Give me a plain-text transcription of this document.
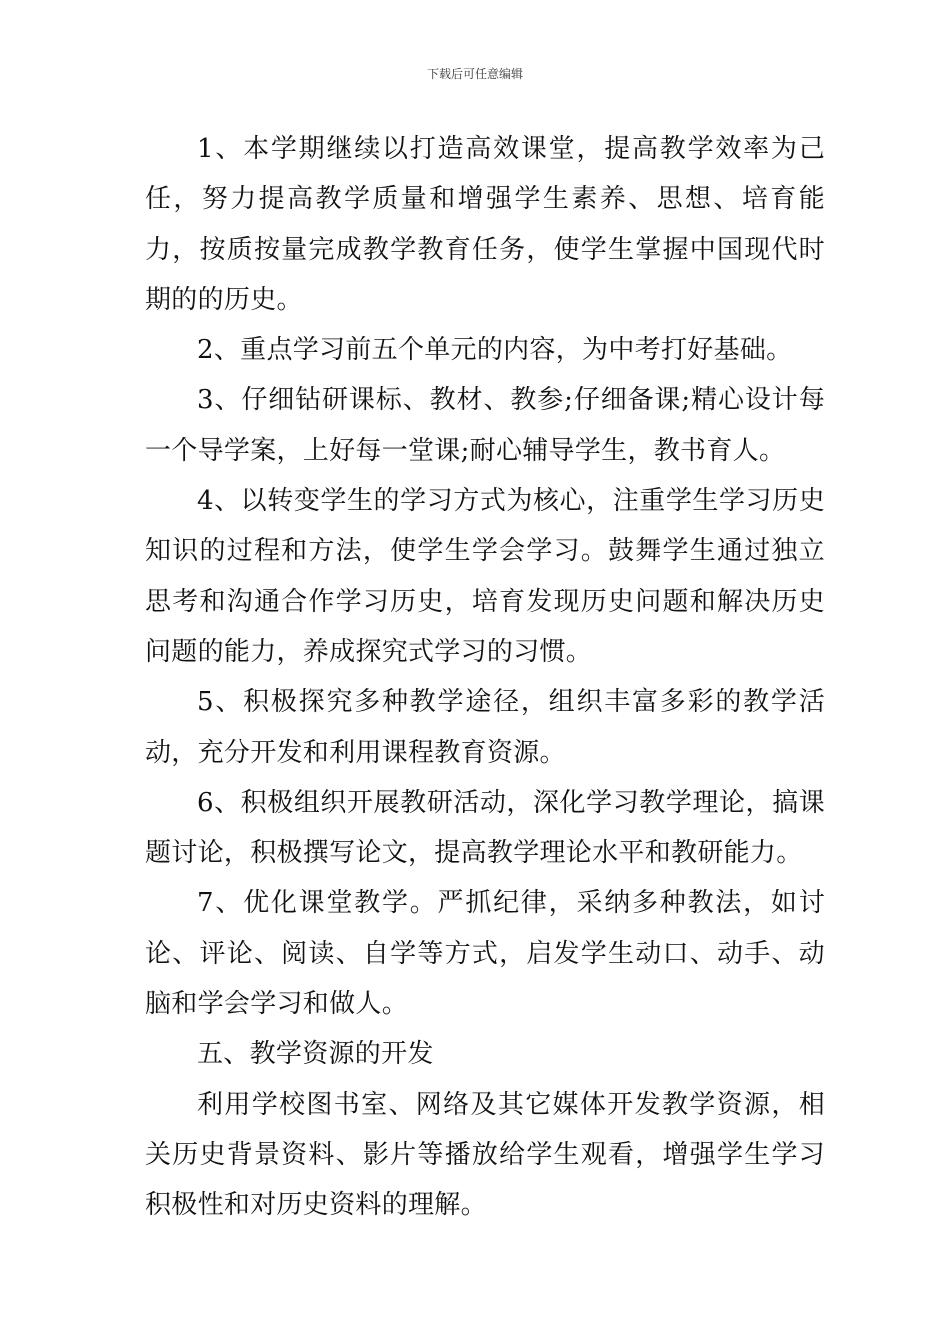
下载后可任意编辑

1、本学期继续以打造高效课堂，提高教学效率为己任，努力提高教学质量和增强学生素养、思想、培育能力，按质按量完成教学教育任务，使学生掌握中国现代时期的的历史。

2、重点学习前五个单元的内容，为中考打好基础。

3、仔细钻研课标、教材、教参;仔细备课;精心设计每一个导学案，上好每一堂课;耐心辅导学生，教书育人。

4、以转变学生的学习方式为核心，注重学生学习历史知识的过程和方法，使学生学会学习。鼓舞学生通过独立思考和沟通合作学习历史，培育发现历史问题和解决历史问题的能力，养成探究式学习的习惯。

5、积极探究多种教学途径，组织丰富多彩的教学活动，充分开发和利用课程教育资源。

6、积极组织开展教研活动，深化学习教学理论，搞课题讨论，积极撰写论文，提高教学理论水平和教研能力。

7、优化课堂教学。严抓纪律，采纳多种教法，如讨论、评论、阅读、自学等方式，启发学生动口、动手、动脑和学会学习和做人。

五、教学资源的开发

利用学校图书室、网络及其它媒体开发教学资源，相关历史背景资料、影片等播放给学生观看，增强学生学习积极性和对历史资料的理解。
